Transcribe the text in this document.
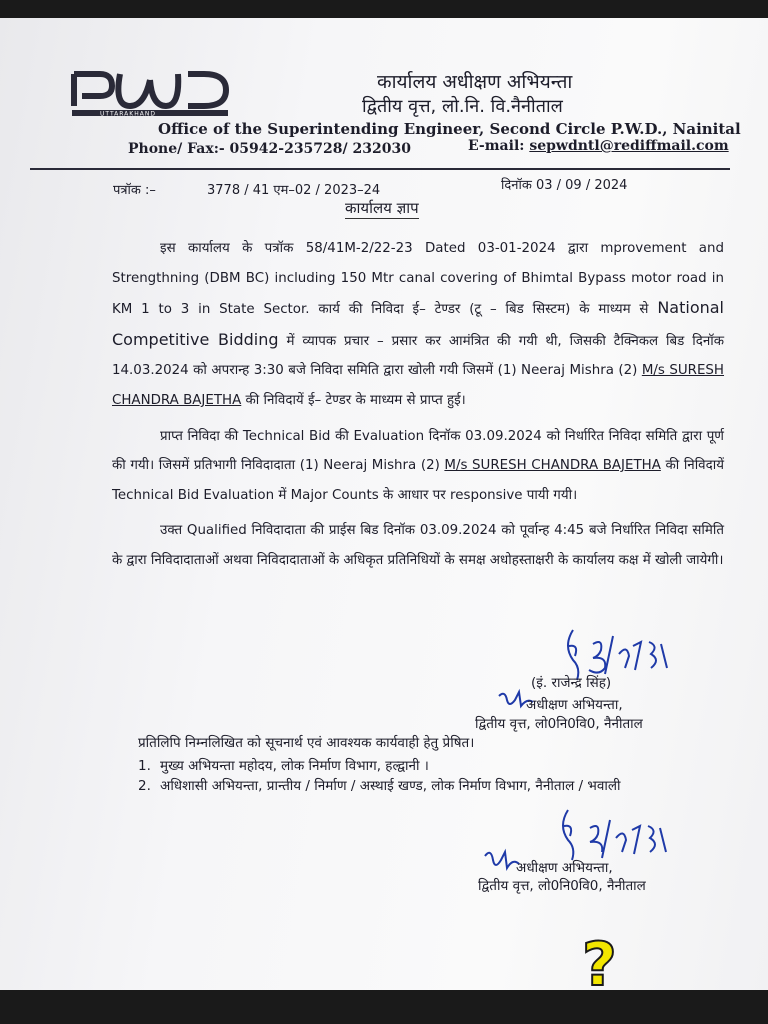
UTTARAKHAND
कार्यालय अधीक्षण अभियन्ता
द्वितीय वृत्त, लो.नि. वि.नैनीताल
Office of the Superintending Engineer, Second Circle P.W.D., Nainital
Phone/ Fax:- 05942-235728/ 232030	E-mail: sepwdntl@rediffmail.com
पत्रॉक :–	3778 / 41 एम–02 / 2023–24	दिनॉक 03 / 09 / 2024
कार्यालय ज्ञाप

इस कार्यालय के पत्रॉक 58/41M-2/22-23 Dated 03-01-2024 द्वारा mprovement and Strengthning (DBM BC) including 150 Mtr canal covering of Bhimtal Bypass motor road in KM 1 to 3 in State Sector. कार्य की निविदा ई– टेण्डर (टू – बिड सिस्टम) के माध्यम से National Competitive Bidding में व्यापक प्रचार – प्रसार कर आमंत्रित की गयी थी, जिसकी टैक्निकल बिड दिनॉक 14.03.2024 को अपरान्ह 3:30 बजे निविदा समिति द्वारा खोली गयी जिसमें (1) Neeraj Mishra (2) M/s SURESH CHANDRA BAJETHA की निविदायें ई– टेण्डर के माध्यम से प्राप्त हुई।

प्राप्त निविदा की Technical Bid की Evaluation दिनॉक 03.09.2024 को निर्धारित निविदा समिति द्वारा पूर्ण की गयी। जिसमें प्रतिभागी निविदादाता (1) Neeraj Mishra (2) M/s SURESH CHANDRA BAJETHA की निविदायें Technical Bid Evaluation में Major Counts के आधार पर responsive पायी गयी।

उक्त Qualified निविदादाता की प्राईस बिड दिनॉक 03.09.2024 को पूर्वान्ह 4:45 बजे निर्धारित निविदा समिति के द्वारा निविदादाताओं अथवा निविदादाताओं के अधिकृत प्रतिनिधियों के समक्ष अधोहस्ताक्षरी के कार्यालय कक्ष में खोली जायेगी।

(इं. राजेन्द्र सिंह)
अधीक्षण अभियन्ता,
द्वितीय वृत्त, लो0नि0वि0, नैनीताल
प्रतिलिपि निम्नलिखित को सूचनार्थ एवं आवश्यक कार्यवाही हेतु प्रेषित।
1. मुख्य अभियन्ता महोदय, लोक निर्माण विभाग, हल्द्वानी ।
2. अधिशासी अभियन्ता, प्रान्तीय / निर्माण / अस्थाई खण्ड, लोक निर्माण विभाग, नैनीताल / भवाली
अधीक्षण अभियन्ता,
द्वितीय वृत्त, लो0नि0वि0, नैनीताल
?
